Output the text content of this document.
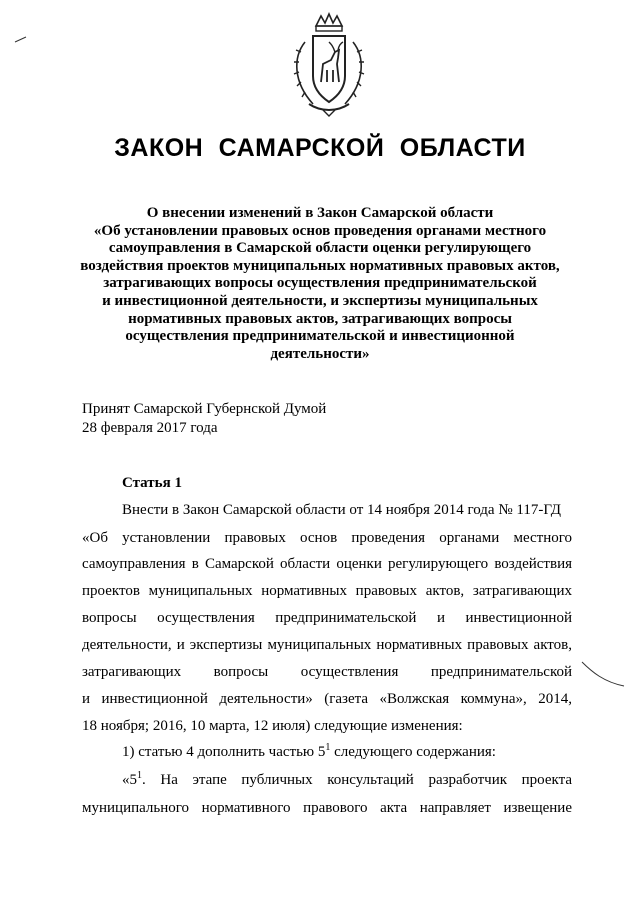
ЗАКОН САМАРСКОЙ ОБЛАСТИ
О внесении изменений в Закон Самарской области
«Об установлении правовых основ проведения органами местного
самоуправления в Самарской области оценки регулирующего
воздействия проектов муниципальных нормативных правовых актов,
затрагивающих вопросы осуществления предпринимательской
и инвестиционной деятельности, и экспертизы муниципальных
нормативных правовых актов, затрагивающих вопросы
осуществления предпринимательской и инвестиционной
деятельности»
Принят Самарской Губернской Думой
28 февраля 2017 года
Статья 1
Внести в Закон Самарской области от 14 ноября 2014 года № 117-ГД
«Об установлении правовых основ проведения органами местного
самоуправления в Самарской области оценки регулирующего воздействия
проектов муниципальных нормативных правовых актов, затрагивающих
вопросы осуществления предпринимательской и инвестиционной
деятельности, и экспертизы муниципальных нормативных правовых актов,
затрагивающих вопросы осуществления предпринимательской
и инвестиционной деятельности» (газета «Волжская коммуна», 2014,
18 ноября; 2016, 10 марта, 12 июля) следующие изменения:
1) статью 4 дополнить частью $5^1$ следующего содержания:
«$5^1$. На этапе публичных консультаций разработчик проекта
муниципального нормативного правового акта направляет извещение
